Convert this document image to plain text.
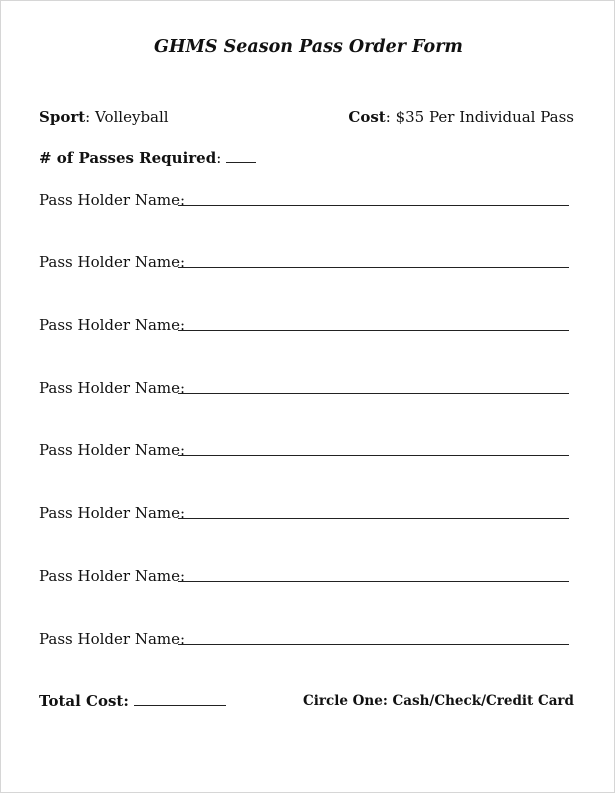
GHMS Season Pass Order Form
Sport: Volleyball	Cost: $35 Per Individual Pass
# of Passes Required:
Pass Holder Name:
Pass Holder Name:
Pass Holder Name:
Pass Holder Name:
Pass Holder Name:
Pass Holder Name:
Pass Holder Name:
Pass Holder Name:
Total Cost:	Circle One: Cash/Check/Credit Card
